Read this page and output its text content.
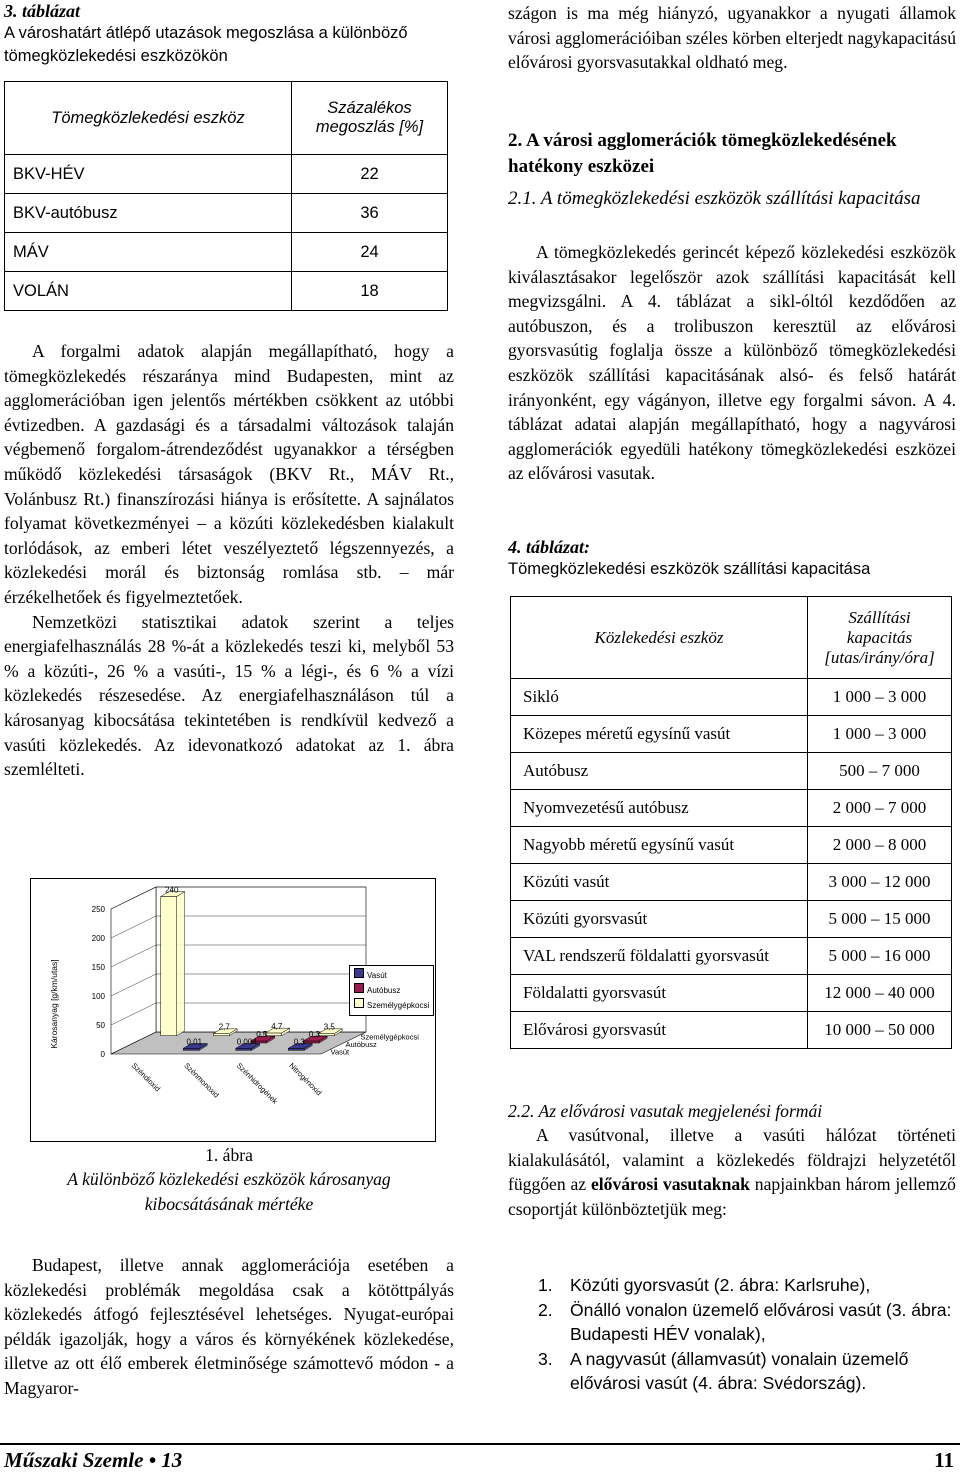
3. táblázat

A városhatárt átlépő utazások megoszlása a különböző tömegközlekedési eszközökön

Tömegközlekedési eszköz	Százalékos megoszlás [%]
BKV-HÉV	22
BKV-autóbusz	36
MÁV	24
VOLÁN	18

A forgalmi adatok alapján megállapítható, hogy a tömegközlekedés részaránya mind Budapesten, mint az agglomerációban igen jelentős mértékben csökkent az utóbbi évtizedben. A gazdasági és a társadalmi változások talaján végbemenő forgalom-átrendeződést ugyanakkor a térségben működő közlekedési társaságok (BKV Rt., MÁV Rt., Volánbusz Rt.) finanszírozási hiánya is erősítette. A sajnálatos folyamat következményei – a közúti közlekedésben kialakult torlódások, az emberi létet veszélyeztető légszennyezés, a közlekedési morál és biztonság romlása stb. – már érzékelhetőek és figyelmeztetőek.

Nemzetközi statisztikai adatok szerint a teljes energiafelhasználás 28 %-át a közlekedés teszi ki, melyből 53 % a közúti-, 26 % a vasúti-, 15 % a légi-, és 6 % a vízi közlekedés részesedése. Az energiafelhasználáson túl a károsanyag kibocsátása tekintetében is rendkívül kedvező a vasúti közlekedés. Az idevonatkozó adatokat az 1. ábra szemlélteti.

0
50
100
150
200
250
240
2,7	4,7	3,5
0,5	0,3
0,01	0,004	0,3
Széndioxid	Szénmonoxid Szénhidrogének Nitrogénoxid
Vasút
Autóbusz
Személygépkocsi
Károsanyag [g/km/utas]	Vasút
Autóbusz
Személygépkocsi

1. ábra

A különböző közlekedési eszközök károsanyag kibocsátásának mértéke

Budapest, illetve annak agglomerációja esetében a közlekedési problémák megoldása csak a kötöttpályás közlekedés átfogó fejlesztésével lehetséges. Nyugat-európai példák igazolják, hogy a város és környékének közlekedése, illetve az ott élő emberek életminősége számottevő módon - a Magyaror-

szágon is ma még hiányzó, ugyanakkor a nyugati államok városi agglomerációiban széles körben elterjedt nagykapacitású elővárosi gyorsvasutakkal oldható meg.

2. A városi agglomerációk tömegközlekedésének hatékony eszközei
2.1. A tömegközlekedési eszközök szállítási kapacitása

A tömegközlekedés gerincét képező közlekedési eszközök kiválasztásakor legelőször azok szállítási kapacitását kell megvizsgálni. A 4. táblázat a sikl-óltól kezdődően az autóbuszon, és a trolibuszon keresztül az elővárosi gyorsvasútig foglalja össze a különböző tömegközlekedési eszközök szállítási kapacitásának alsó- és felső határát irányonként, egy vágányon, illetve egy forgalmi sávon. A 4. táblázat adatai alapján megállapítható, hogy a nagyvárosi agglomerációk egyedüli hatékony tömegközlekedési eszközei az elővárosi vasutak.

4. táblázat:

Tömegközlekedési eszközök szállítási kapacitása

Közlekedési eszköz	Szállítási kapacitás [utas/irány/óra]
Sikló	1 000 – 3 000
Közepes méretű egysínű vasút	1 000 – 3 000
Autóbusz	500 – 7 000
Nyomvezetésű autóbusz	2 000 – 7 000
Nagyobb méretű egysínű vasút	2 000 – 8 000
Közúti vasút	3 000 – 12 000
Közúti gyorsvasút	5 000 – 15 000
VAL rendszerű földalatti gyorsvasút	5 000 – 16 000
Földalatti gyorsvasút	12 000 – 40 000
Elővárosi gyorsvasút	10 000 – 50 000
2.2. Az elővárosi vasutak megjelenési formái

A vasútvonal, illetve a vasúti hálózat történeti kialakulásától, valamint a közlekedés földrajzi helyzetétől függően az elővárosi vasutaknak napjainkban három jellemző csoportját különböztetjük meg:

1. Közúti gyorsvasút (2. ábra: Karlsruhe),
2. Önálló vonalon üzemelő elővárosi vasút (3. ábra: Budapesti HÉV vonalak),
3. A nagyvasút (államvasút) vonalain üzemelő elővárosi vasút (4. ábra: Svédország).
Műszaki Szemle • 13	11
